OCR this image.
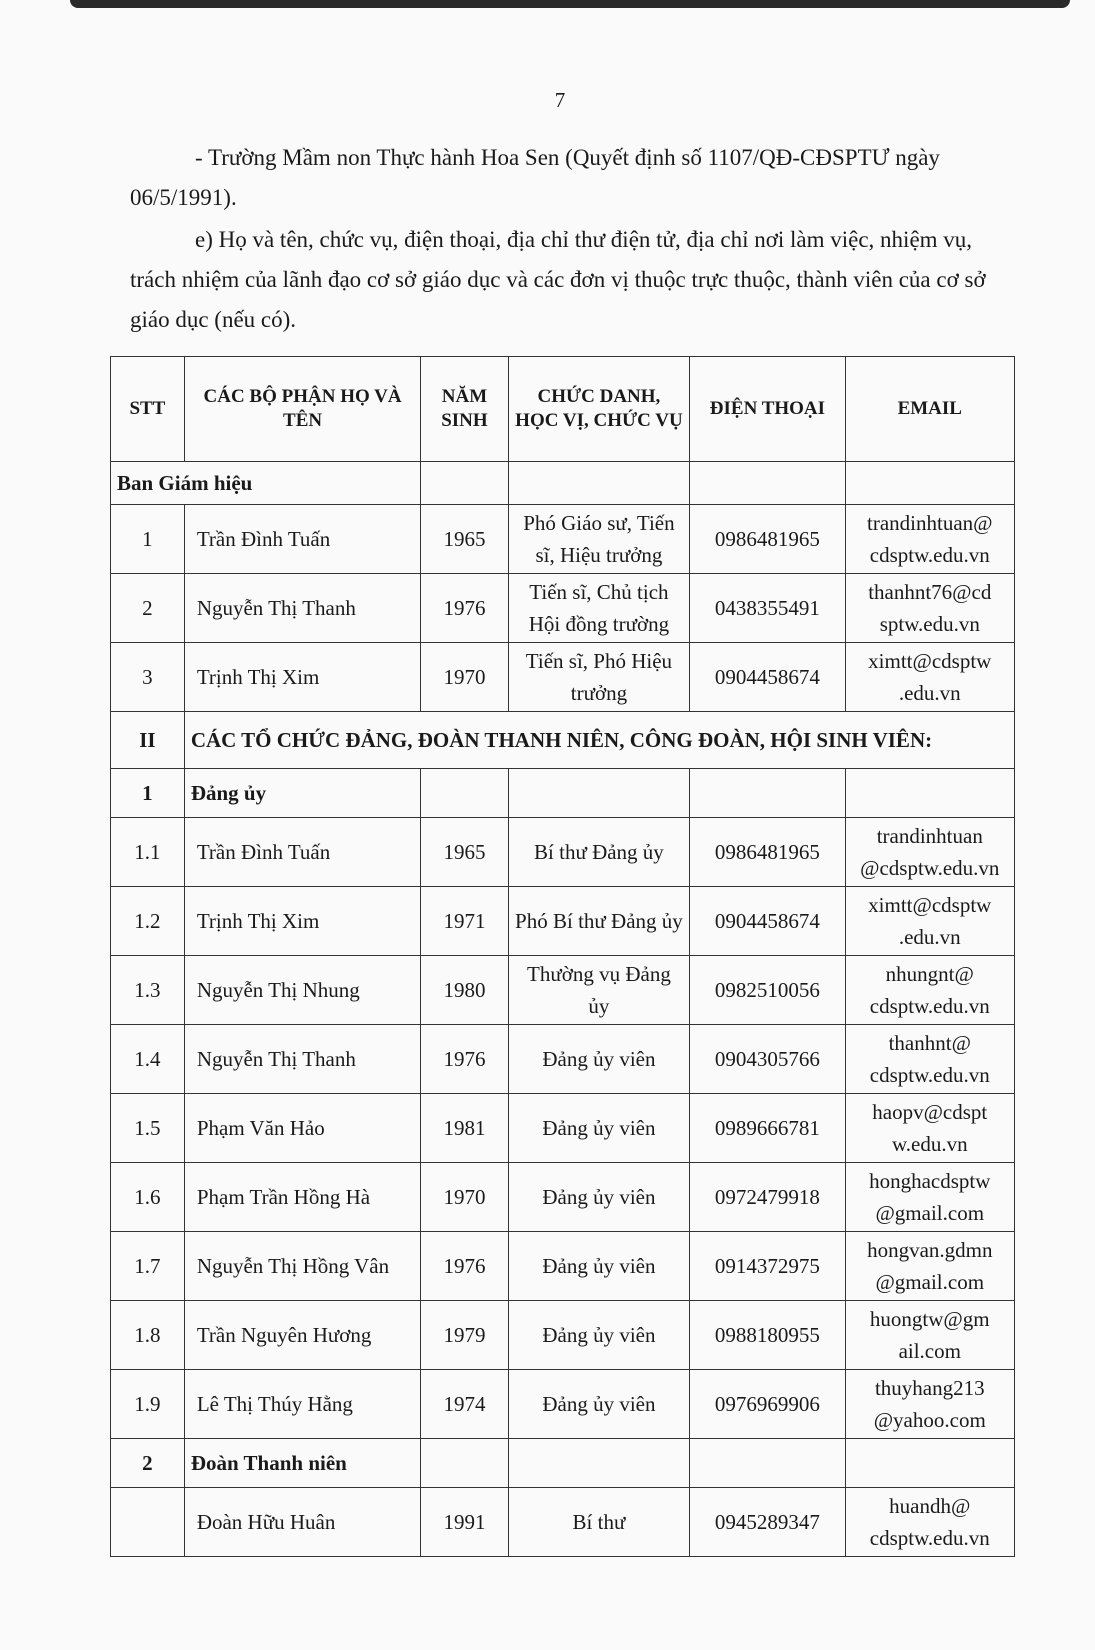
7
- Trường Mầm non Thực hành Hoa Sen (Quyết định số 1107/QĐ-CĐSPTƯ ngày 06/5/1991).
e) Họ và tên, chức vụ, điện thoại, địa chỉ thư điện tử, địa chỉ nơi làm việc, nhiệm vụ, trách nhiệm của lãnh đạo cơ sở giáo dục và các đơn vị thuộc trực thuộc, thành viên của cơ sở giáo dục (nếu có).
STT	CÁC BỘ PHẬN HỌ VÀ TÊN	NĂM SINH	CHỨC DANH, HỌC VỊ, CHỨC VỤ	ĐIỆN THOẠI	EMAIL
Ban Giám hiệu					
1	Trần Đình Tuấn	1965	Phó Giáo sư, Tiến sĩ, Hiệu trưởng	0986481965	trandinhtuan@ cdsptw.edu.vn
2	Nguyễn Thị Thanh	1976	Tiến sĩ, Chủ tịch Hội đồng trường	0438355491	thanhnt76@cd sptw.edu.vn
3	Trịnh Thị Xim	1970	Tiến sĩ, Phó Hiệu trưởng	0904458674	ximtt@cdsptw .edu.vn
II	CÁC TỔ CHỨC ĐẢNG, ĐOÀN THANH NIÊN, CÔNG ĐOÀN, HỘI SINH VIÊN:				
1	Đảng ủy				
1.1	Trần Đình Tuấn	1965	Bí thư Đảng ủy	0986481965	trandinhtuan @cdsptw.edu.vn
1.2	Trịnh Thị Xim	1971	Phó Bí thư Đảng ủy	0904458674	ximtt@cdsptw .edu.vn
1.3	Nguyễn Thị Nhung	1980	Thường vụ Đảng ủy	0982510056	nhungnt@ cdsptw.edu.vn
1.4	Nguyễn Thị Thanh	1976	Đảng ủy viên	0904305766	thanhnt@ cdsptw.edu.vn
1.5	Phạm Văn Hảo	1981	Đảng ủy viên	0989666781	haopv@cdspt w.edu.vn
1.6	Phạm Trần Hồng Hà	1970	Đảng ủy viên	0972479918	honghacdsptw @gmail.com
1.7	Nguyễn Thị Hồng Vân	1976	Đảng ủy viên	0914372975	hongvan.gdmn @gmail.com
1.8	Trần Nguyên Hương	1979	Đảng ủy viên	0988180955	huongtw@gm ail.com
1.9	Lê Thị Thúy Hằng	1974	Đảng ủy viên	0976969906	thuyhang213 @yahoo.com
2	Đoàn Thanh niên				
	Đoàn Hữu Huân	1991	Bí thư	0945289347	huandh@ cdsptw.edu.vn
